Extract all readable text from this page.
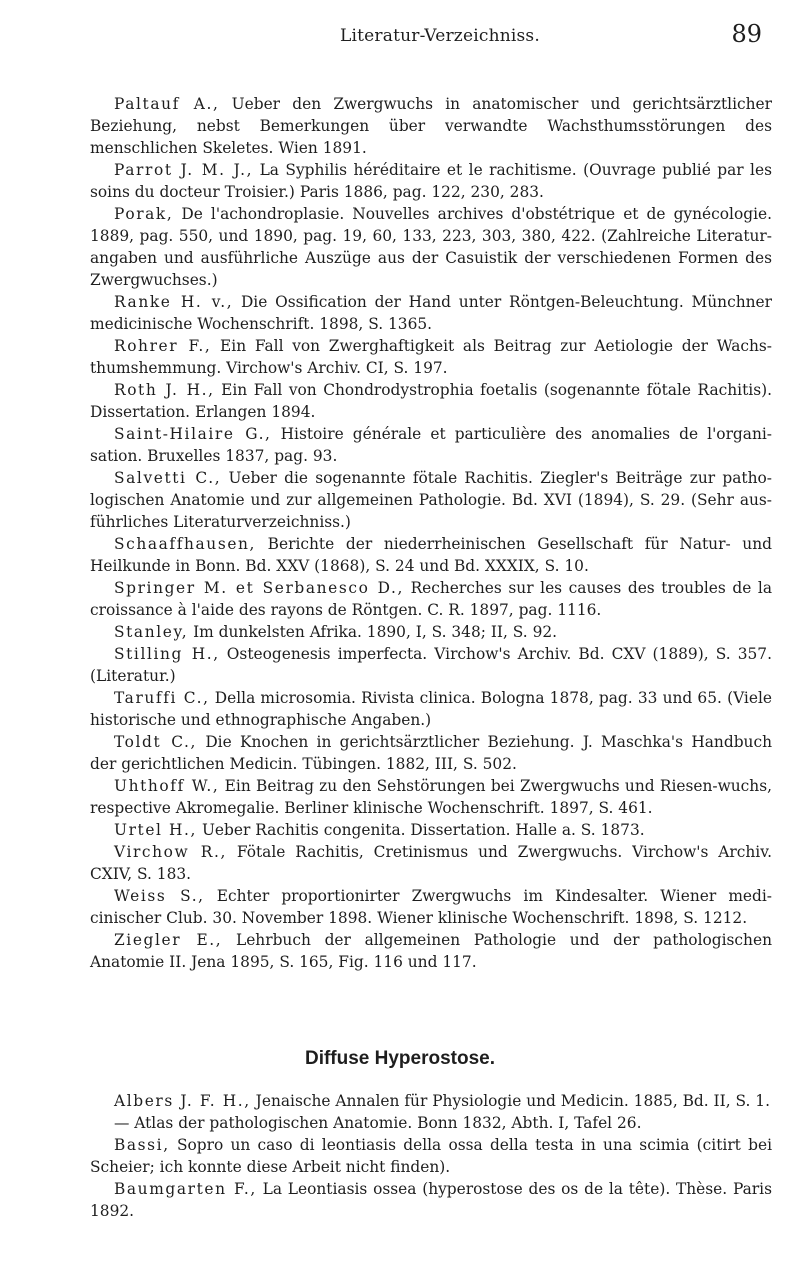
Literatur-Verzeichniss.	89

Paltauf A., Ueber den Zwergwuchs in anatomischer und gerichtsärztlicher Beziehung, nebst Bemerkungen über verwandte Wachsthumsstörungen des menschlichen Skeletes. Wien 1891.

Parrot J. M. J., La Syphilis héréditaire et le rachitisme. (Ouvrage publié par les soins du docteur Troisier.) Paris 1886, pag. 122, 230, 283.

Porak, De l'achondroplasie. Nouvelles archives d'obstétrique et de gynécologie. 1889, pag. 550, und 1890, pag. 19, 60, 133, 223, 303, 380, 422. (Zahlreiche Literatur-angaben und ausführliche Auszüge aus der Casuistik der verschiedenen Formen des Zwergwuchses.)

Ranke H. v., Die Ossification der Hand unter Röntgen-Beleuchtung. Münchner medicinische Wochenschrift. 1898, S. 1365.

Rohrer F., Ein Fall von Zwerghaftigkeit als Beitrag zur Aetiologie der Wachs-thumshemmung. Virchow's Archiv. CI, S. 197.

Roth J. H., Ein Fall von Chondrodystrophia foetalis (sogenannte fötale Rachitis). Dissertation. Erlangen 1894.

Saint-Hilaire G., Histoire générale et particulière des anomalies de l'organi-sation. Bruxelles 1837, pag. 93.

Salvetti C., Ueber die sogenannte fötale Rachitis. Ziegler's Beiträge zur patho-logischen Anatomie und zur allgemeinen Pathologie. Bd. XVI (1894), S. 29. (Sehr aus-führliches Literaturverzeichniss.)

Schaaffhausen, Berichte der niederrheinischen Gesellschaft für Natur- und Heilkunde in Bonn. Bd. XXV (1868), S. 24 und Bd. XXXIX, S. 10.

Springer M. et Serbanesco D., Recherches sur les causes des troubles de la croissance à l'aide des rayons de Röntgen. C. R. 1897, pag. 1116.

Stanley, Im dunkelsten Afrika. 1890, I, S. 348; II, S. 92.

Stilling H., Osteogenesis imperfecta. Virchow's Archiv. Bd. CXV (1889), S. 357. (Literatur.)

Taruffi C., Della microsomia. Rivista clinica. Bologna 1878, pag. 33 und 65. (Viele historische und ethnographische Angaben.)

Toldt C., Die Knochen in gerichtsärztlicher Beziehung. J. Maschka's Handbuch der gerichtlichen Medicin. Tübingen. 1882, III, S. 502.

Uhthoff W., Ein Beitrag zu den Sehstörungen bei Zwergwuchs und Riesen-wuchs, respective Akromegalie. Berliner klinische Wochenschrift. 1897, S. 461.

Urtel H., Ueber Rachitis congenita. Dissertation. Halle a. S. 1873.

Virchow R., Fötale Rachitis, Cretinismus und Zwergwuchs. Virchow's Archiv. CXIV, S. 183.

Weiss S., Echter proportionirter Zwergwuchs im Kindesalter. Wiener medi-cinischer Club. 30. November 1898. Wiener klinische Wochenschrift. 1898, S. 1212.

Ziegler E., Lehrbuch der allgemeinen Pathologie und der pathologischen Anatomie II. Jena 1895, S. 165, Fig. 116 und 117.

Diffuse Hyperostose.

Albers J. F. H., Jenaische Annalen für Physiologie und Medicin. 1885, Bd. II, S. 1.

— Atlas der pathologischen Anatomie. Bonn 1832, Abth. I, Tafel 26.

Bassi, Sopro un caso di leontiasis della ossa della testa in una scimia (citirt bei Scheier; ich konnte diese Arbeit nicht finden).

Baumgarten F., La Leontiasis ossea (hyperostose des os de la tête). Thèse. Paris 1892.
